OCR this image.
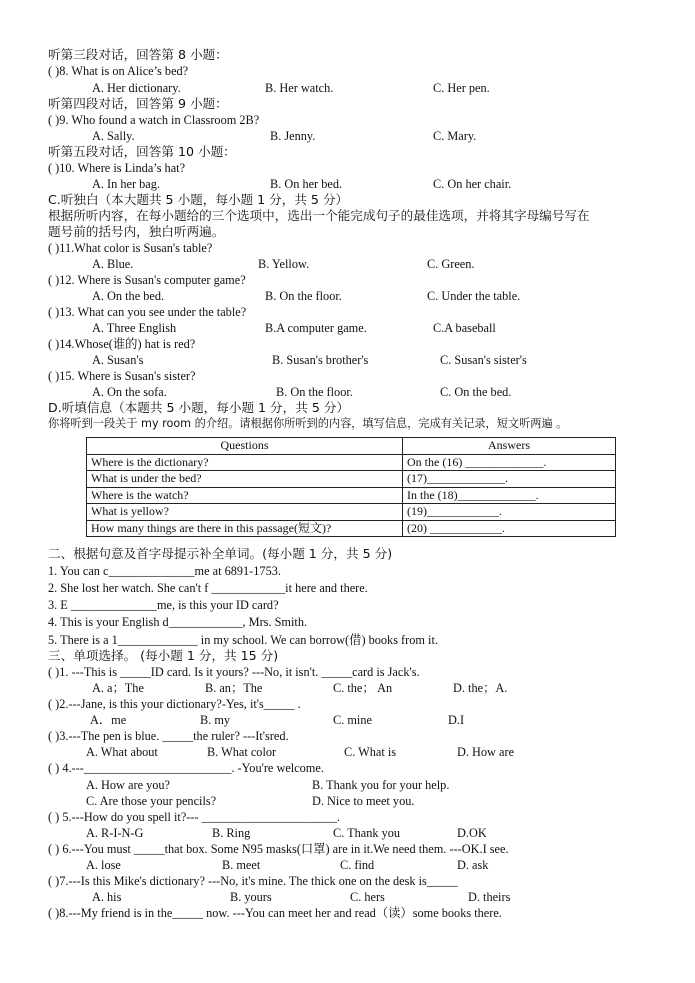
听第三段对话，回答第 8 小题：
( )8. What is on Alice’s bed?
A. Her dictionary.	B. Her watch.	C. Her pen.
听第四段对话，回答第 9 小题：
( )9. Who found a watch in Classroom 2B?
A. Sally.	B. Jenny.	C. Mary.
听第五段对话，回答第 10 小题：
( )10. Where is Linda’s hat?
A. In her bag.	B. On her bed.	C. On her chair.
C.听独白（本大题共 5 小题，每小题 1 分，共 5 分）
根据所听内容，在每小题给的三个选项中，选出一个能完成句子的最佳选项，并将其字母编号写在
题号前的括号内，独白听两遍。
( )11.What color is Susan's table?
A. Blue.	B. Yellow.	C. Green.
( )12. Where is Susan's computer game?
A. On the bed.	B. On the floor.	C. Under the table.
( )13. What can you see under the table?
A. Three English	B.A computer game.	C.A baseball
( )14.Whose(谁的) hat is red?
A. Susan's	B. Susan's brother's	C. Susan's sister's
( )15. Where is Susan's sister?
A. On the sofa.	B. On the floor.	C. On the bed.
D.听填信息（本题共 5 小题，每小题 1 分，共 5 分）
你将听到一段关于 my room 的介绍。请根据你所听到的内容，填写信息，完成有关记录，短文听两遍 。
二、根据句意及首字母提示补全单词。(每小题 1 分，共 5 分)
1. You can c______________me at 6891-1753.
2. She lost her watch. She can't f ____________it here and there.
3. E ______________me, is this your ID card?
4. This is your English d____________, Mrs. Smith.
5. There is a 1_____________ in my school. We can borrow(借) books from it.
三、单项选择。 (每小题 1 分，共 15 分)
( )1. ---This is _____ID card. Is it yours? ---No, it isn't. _____card is Jack's.
A. a；The	B. an；The	C. the； An	D. the；A.
( )2.---Jane, is this your dictionary?-Yes, it's_____ .
A．me	B. my	C. mine	D.I
( )3.---The pen is blue. _____the ruler? ---It'sred.
A. What about	B. What color	C. What is	D. How are
( ) 4.---________________________. -You're welcome.
A. How are you?	B. Thank you for your help.
C. Are those your pencils?	D. Nice to meet you.
( ) 5.---How do you spell it?--- ______________________.
A. R-I-N-G	B. Ring	C. Thank you	D.OK
( ) 6.---You must _____that box. Some N95 masks(口罩) are in it.We need them. ---OK.I see.
A. lose	B. meet	C. find	D. ask
( )7.---Is this Mike's dictionary? ---No, it's mine. The thick one on the desk is_____
A. his	B. yours	C. hers	D. theirs
( )8.---My friend is in the_____ now. ---You can meet her and read（读）some books there.
Questions	Answers
Where is the dictionary?	On the (16) _____________.
What is under the bed?	(17)_____________.
Where is the watch?	In the (18)_____________.
What is yellow?	(19)____________.
How many things are there in this passage(短文)?	(20) ____________.
